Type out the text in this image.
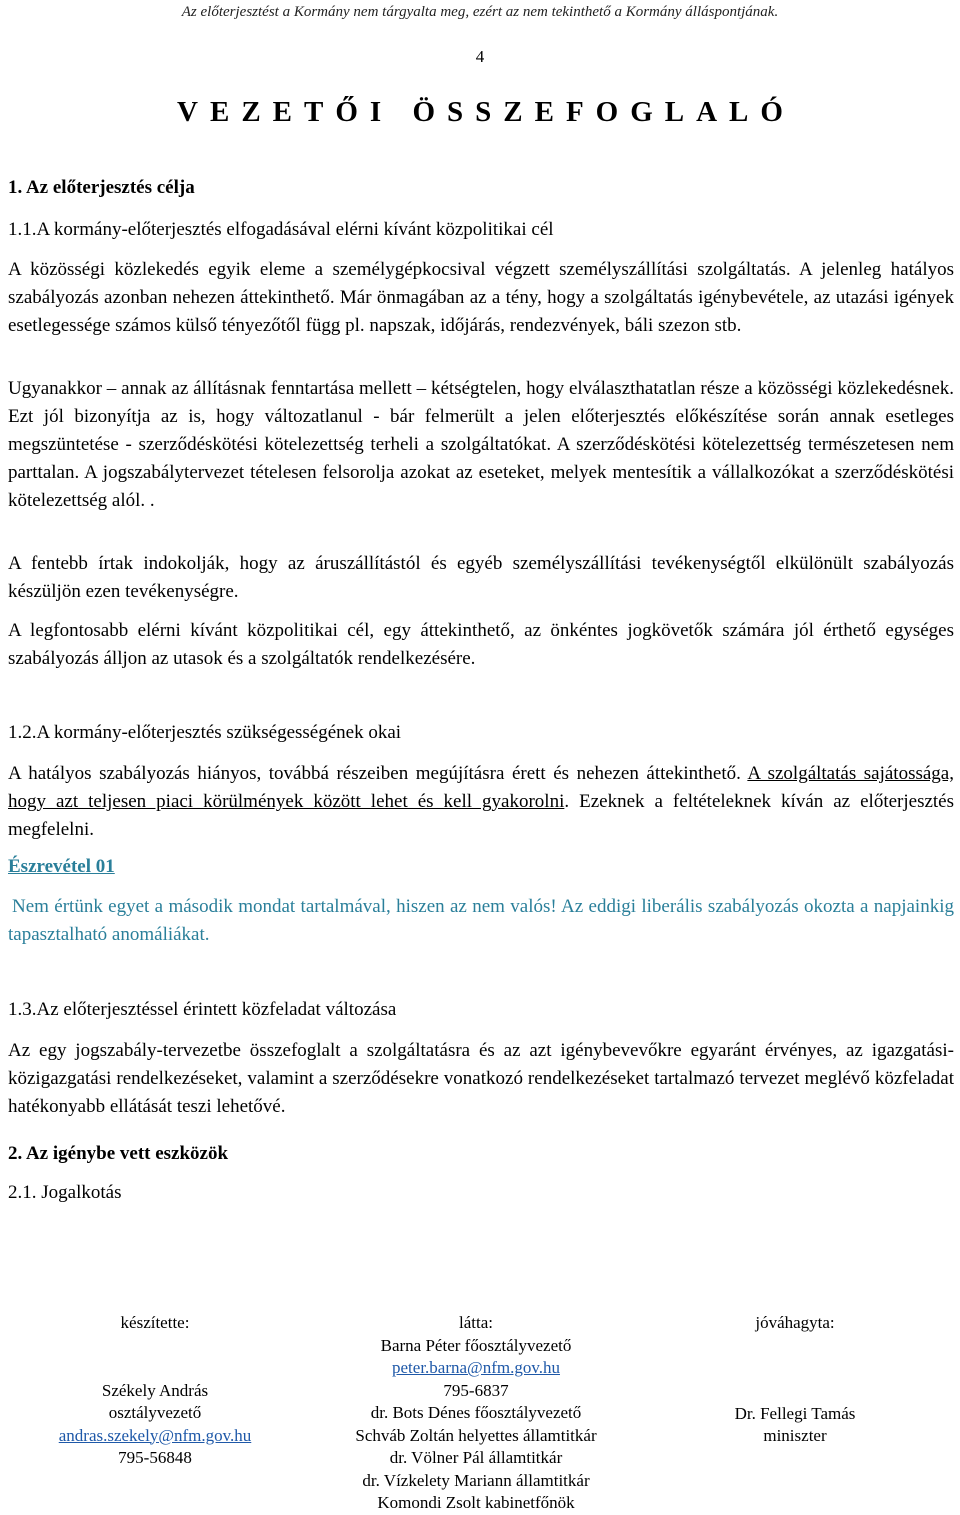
Az előterjesztést a Kormány nem tárgyalta meg, ezért az nem tekinthető a Kormány álláspontjának.
4
VEZETŐI ÖSSZEFOGLALÓ
1. Az előterjesztés célja
1.1.A kormány-előterjesztés elfogadásával elérni kívánt közpolitikai cél

A közösségi közlekedés egyik eleme a személygépkocsival végzett személyszállítási szolgáltatás. A jelenleg hatályos szabályozás azonban nehezen áttekinthető. Már önmagában az a tény, hogy a szolgáltatás igénybevétele, az utazási igények esetlegessége számos külső tényezőtől függ pl. napszak, időjárás, rendezvények, báli szezon stb.

Ugyanakkor – annak az állításnak fenntartása mellett – kétségtelen, hogy elválaszthatatlan része a közösségi közlekedésnek. Ezt jól bizonyítja az is, hogy változatlanul - bár felmerült a jelen előterjesztés előkészítése során annak esetleges megszüntetése - szerződéskötési kötelezettség terheli a szolgáltatókat. A szerződéskötési kötelezettség természetesen nem parttalan. A jogszabálytervezet tételesen felsorolja azokat az eseteket, melyek mentesítik a vállalkozókat a szerződéskötési kötelezettség alól. .

A fentebb írtak indokolják, hogy az áruszállítástól és egyéb személyszállítási tevékenységtől elkülönült szabályozás készüljön ezen tevékenységre.

A legfontosabb elérni kívánt közpolitikai cél, egy áttekinthető, az önkéntes jogkövetők számára jól érthető egységes szabályozás álljon az utasok és a szolgáltatók rendelkezésére.

1.2.A kormány-előterjesztés szükségességének okai

A hatályos szabályozás hiányos, továbbá részeiben megújításra érett és nehezen áttekinthető. A szolgáltatás sajátossága, hogy azt teljesen piaci körülmények között lehet és kell gyakorolni. Ezeknek a feltételeknek kíván az előterjesztés megfelelni.

Észrevétel 01

Nem értünk egyet a második mondat tartalmával, hiszen az nem valós! Az eddigi liberális szabályozás okozta a napjainkig tapasztalható anomáliákat.

1.3.Az előterjesztéssel érintett közfeladat változása

Az egy jogszabály-tervezetbe összefoglalt a szolgáltatásra és az azt igénybevevőkre egyaránt érvényes, az igazgatási-közigazgatási rendelkezéseket, valamint a szerződésekre vonatkozó rendelkezéseket tartalmazó tervezet meglévő közfeladat hatékonyabb ellátását teszi lehetővé.

2. Az igénybe vett eszközök
2.1. Jogalkotás
készítette:
Székely András
osztályvezető
andras.szekely@nfm.gov.hu
795-56848
látta:
Barna Péter főosztályvezető
peter.barna@nfm.gov.hu
795-6837
dr. Bots Dénes főosztályvezető
Schváb Zoltán helyettes államtitkár
dr. Völner Pál államtitkár
dr. Vízkelety Mariann államtitkár
Komondi Zsolt kabinetfőnök
jóváhagyta:
Dr. Fellegi Tamás
miniszter
